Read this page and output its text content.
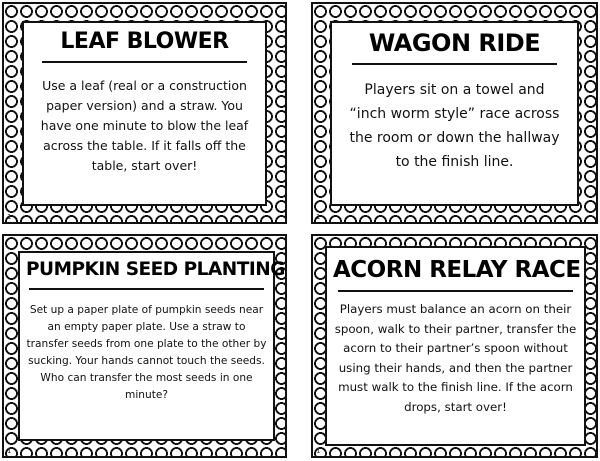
LEAF BLOWER
Use a leaf (real or a construction paper version) and a straw. You have one minute to blow the leaf across the table. If it falls off the table, start over!
1
WAGON RIDE
Players sit on a towel and “inch worm style” race across the room or down the hallway to the finish line.
1
PUMPKIN SEED PLANTING
Set up a paper plate of pumpkin seeds near an empty paper plate. Use a straw to transfer seeds from one plate to the other by sucking. Your hands cannot touch the seeds. Who can transfer the most seeds in one minute?
1
ACORN RELAY RACE
Players must balance an acorn on their spoon, walk to their partner, transfer the acorn to their partner’s spoon without using their hands, and then the partner must walk to the finish line. If the acorn drops, start over!
1
